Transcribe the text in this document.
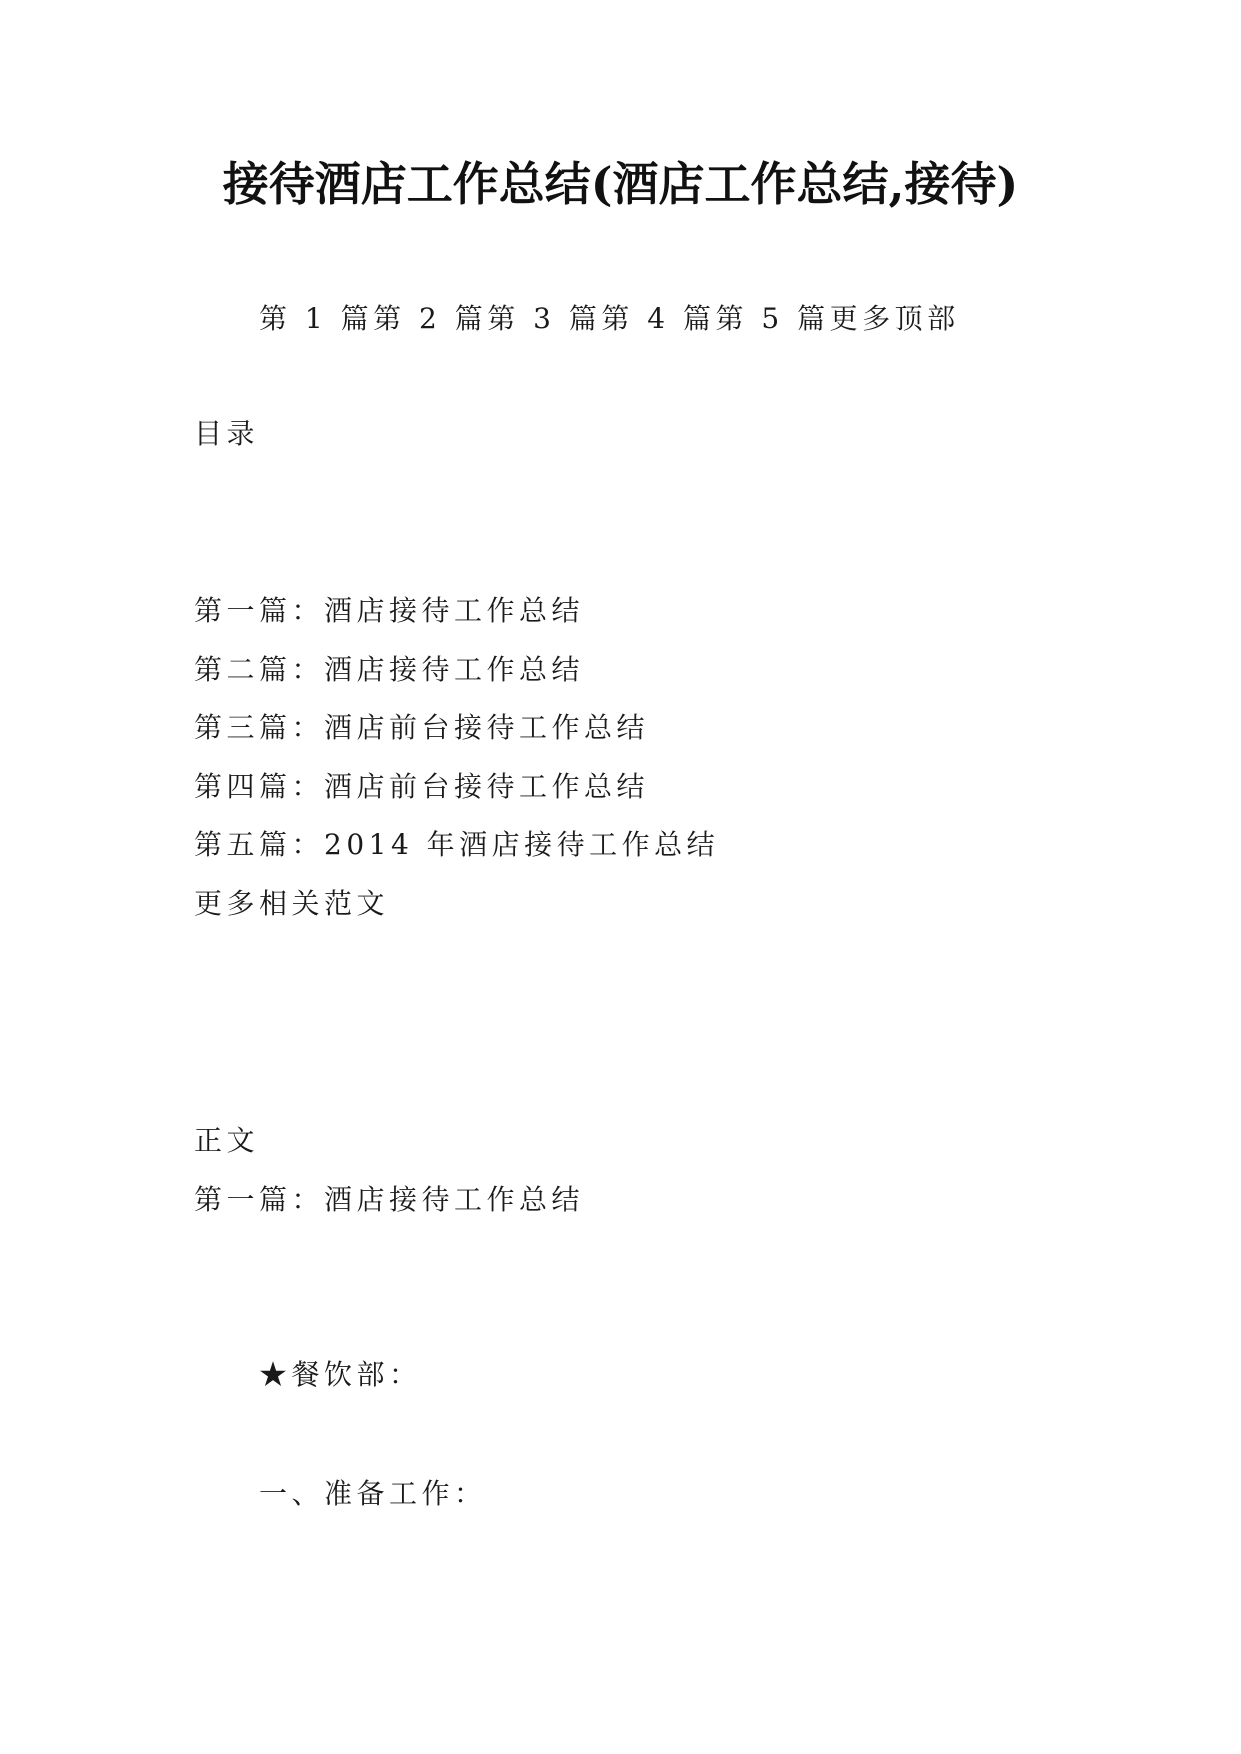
接待酒店工作总结(酒店工作总结,接待)
第 1 篇第 2 篇第 3 篇第 4 篇第 5 篇更多顶部
目录
第一篇：酒店接待工作总结
第二篇：酒店接待工作总结
第三篇：酒店前台接待工作总结
第四篇：酒店前台接待工作总结
第五篇：2014 年酒店接待工作总结
更多相关范文
正文
第一篇：酒店接待工作总结
★餐饮部：
一、准备工作：
